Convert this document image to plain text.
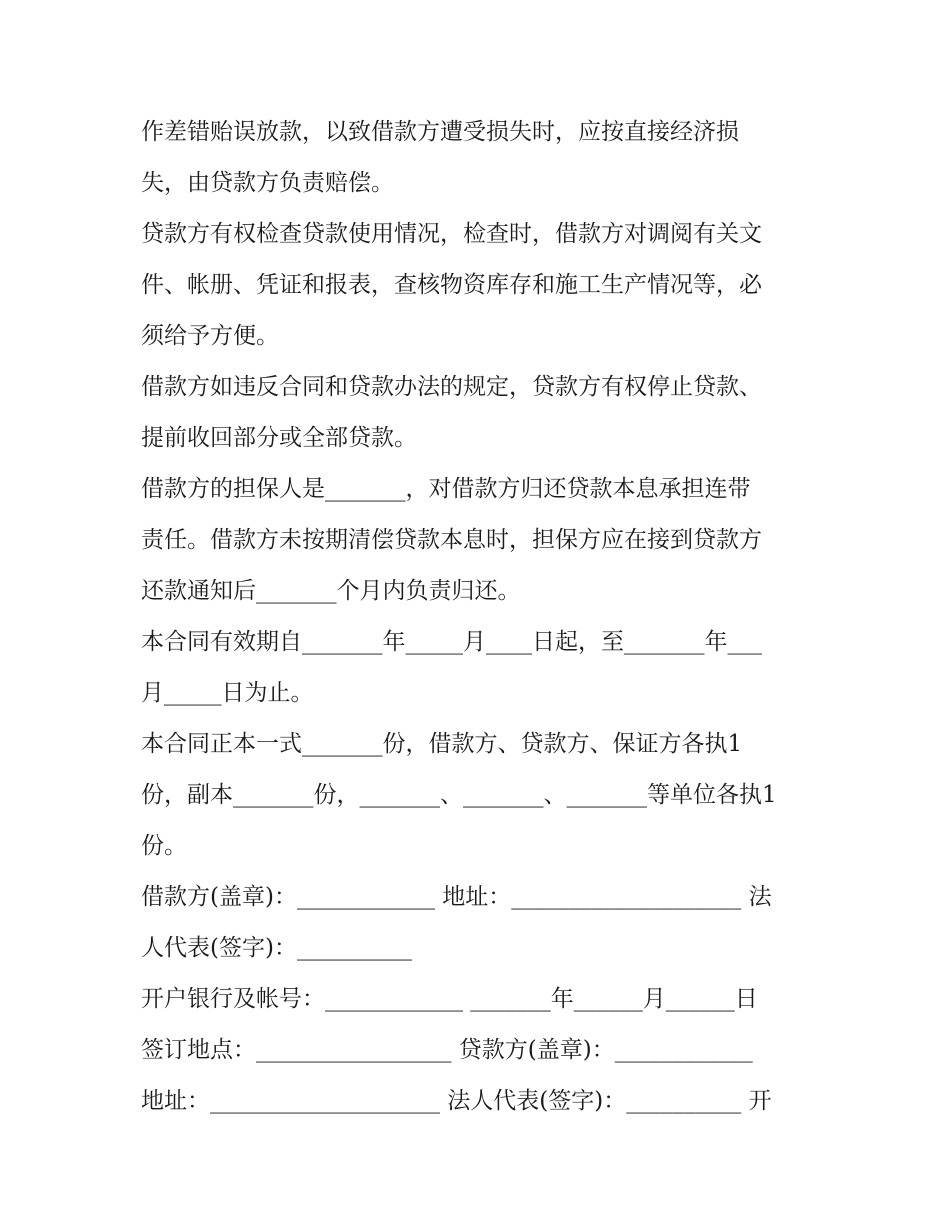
作差错贻误放款，以致借款方遭受损失时，应按直接经济损
失，由贷款方负责赔偿。
贷款方有权检查贷款使用情况，检查时，借款方对调阅有关文
件、帐册、凭证和报表，查核物资库存和施工生产情况等，必
须给予方便。
借款方如违反合同和贷款办法的规定，贷款方有权停止贷款、
提前收回部分或全部贷款。
借款方的担保人是_______，对借款方归还贷款本息承担连带
责任。借款方未按期清偿贷款本息时，担保方应在接到贷款方
还款通知后_______个月内负责归还。
本合同有效期自_______年_____月____日起，至_______年___
月_____日为止。
本合同正本一式_______份，借款方、贷款方、保证方各执1
份，副本_______份，_______、_______、_______等单位各执1
份。
借款方(盖章)：____________ 地址：____________________ 法
人代表(签字)：__________
开户银行及帐号：____________ _______年______月______日
签订地点：_________________ 贷款方(盖章)：____________
地址：____________________ 法人代表(签字)：__________ 开
